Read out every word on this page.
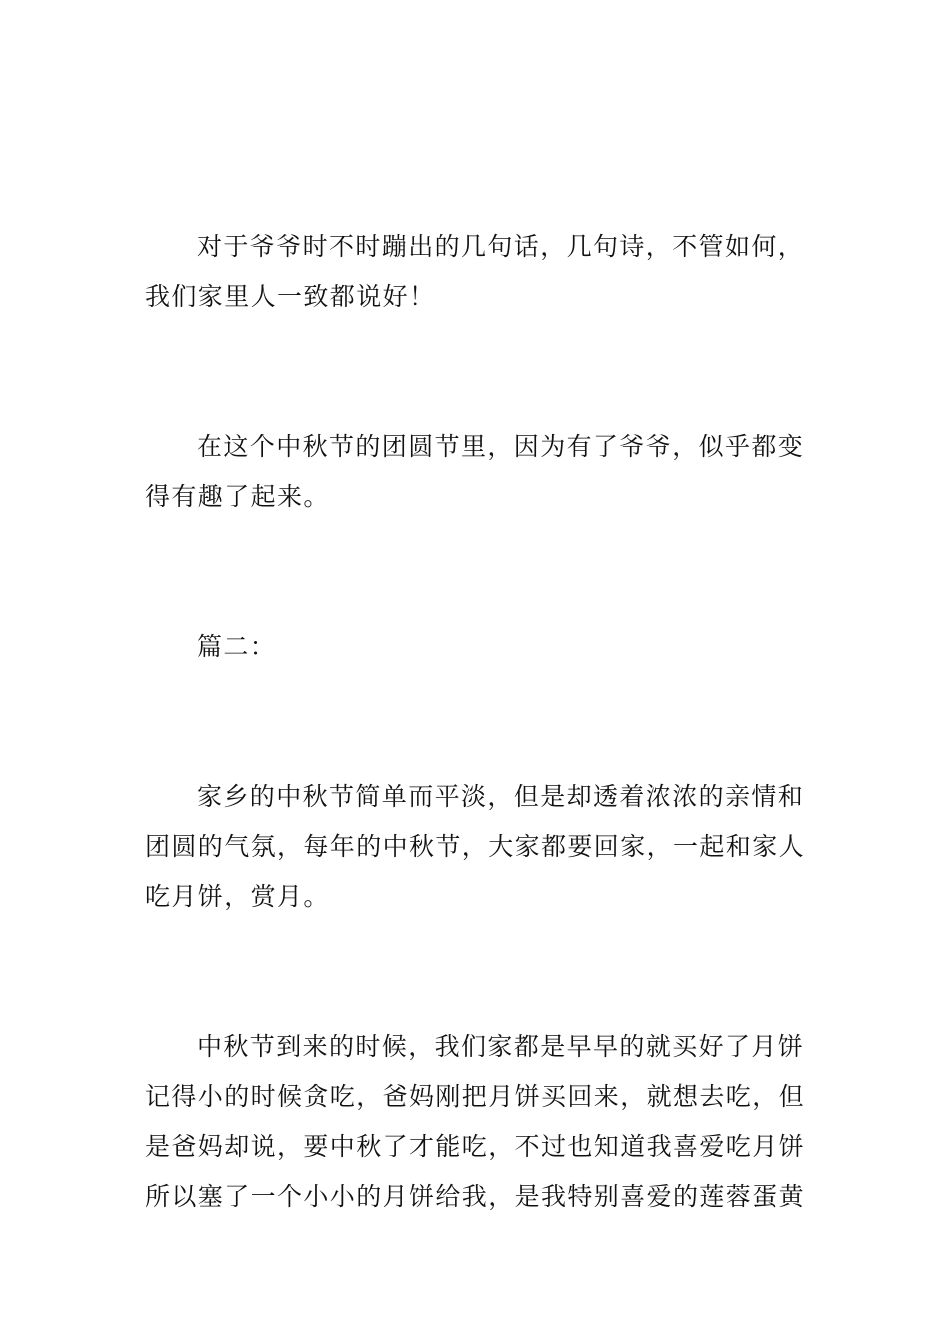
对于爷爷时不时蹦出的几句话，几句诗，不管如何，我们家里人一致都说好！

在这个中秋节的团圆节里，因为有了爷爷，似乎都变得有趣了起来。

篇二：

家乡的中秋节简单而平淡，但是却透着浓浓的亲情和团圆的气氛，每年的中秋节，大家都要回家，一起和家人吃月饼，赏月。

中秋节到来的时候，我们家都是早早的就买好了月饼记得小的时候贪吃，爸妈刚把月饼买回来，就想去吃，但是爸妈却说，要中秋了才能吃，不过也知道我喜爱吃月饼所以塞了一个小小的月饼给我，是我特别喜爱的莲蓉蛋黄
